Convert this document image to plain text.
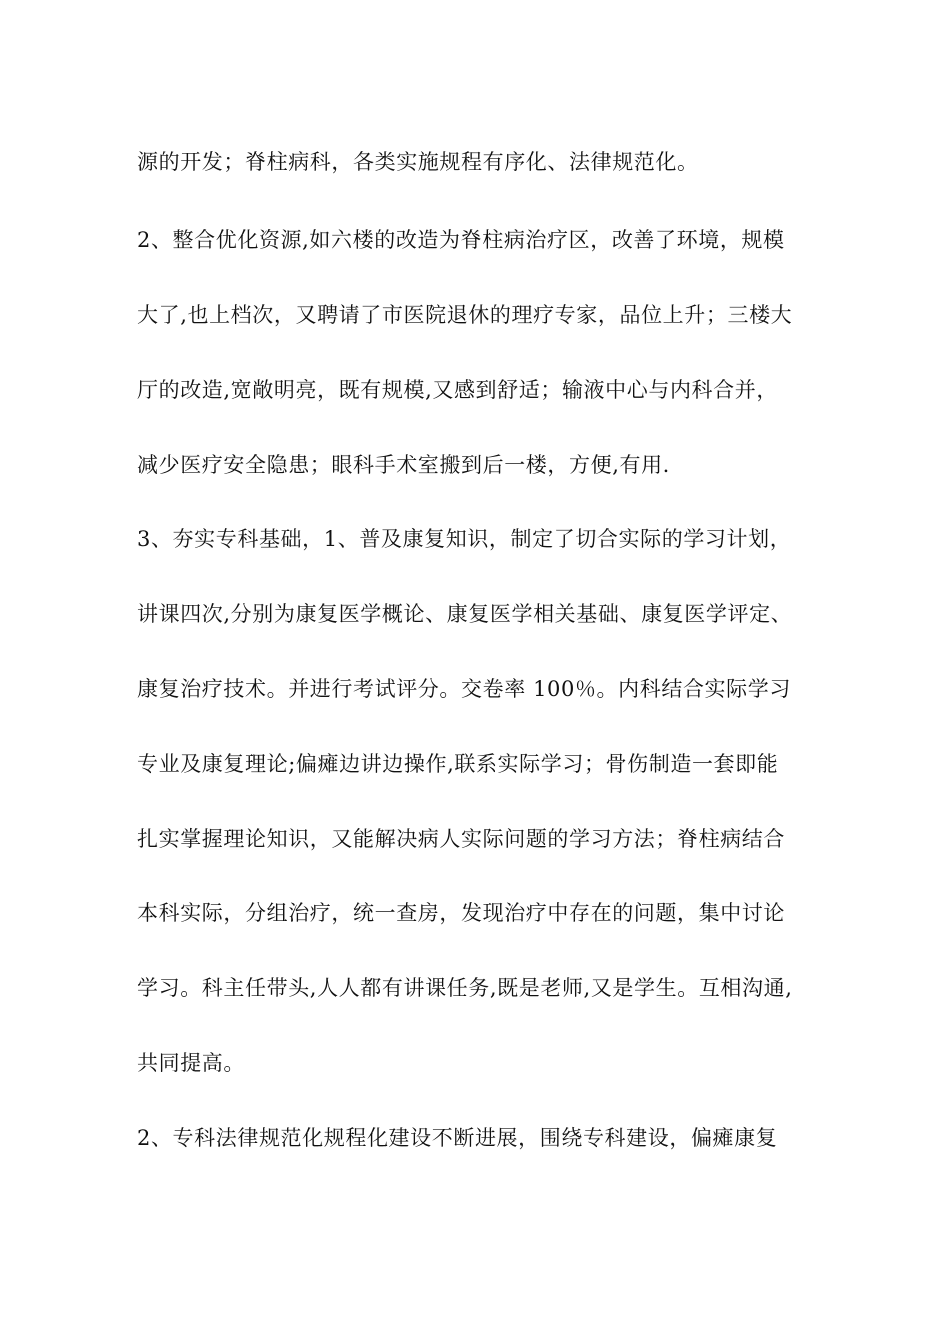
源的开发；脊柱病科，各类实施规程有序化、法律规范化。
2、整合优化资源,如六楼的改造为脊柱病治疗区，改善了环境，规模
大了,也上档次，又聘请了市医院退休的理疗专家，品位上升；三楼大
厅的改造,宽敞明亮，既有规模,又感到舒适；输液中心与内科合并，
减少医疗安全隐患；眼科手术室搬到后一楼，方便,有用.
3、夯实专科基础，1、普及康复知识，制定了切合实际的学习计划，
讲课四次,分别为康复医学概论、康复医学相关基础、康复医学评定、
康复治疗技术。并进行考试评分。交卷率 100％。内科结合实际学习
专业及康复理论;偏瘫边讲边操作,联系实际学习；骨伤制造一套即能
扎实掌握理论知识，又能解决病人实际问题的学习方法；脊柱病结合
本科实际，分组治疗，统一查房，发现治疗中存在的问题，集中讨论
学习。科主任带头,人人都有讲课任务,既是老师,又是学生。互相沟通,
共同提高。
2、专科法律规范化规程化建设不断进展，围绕专科建设，偏瘫康复
